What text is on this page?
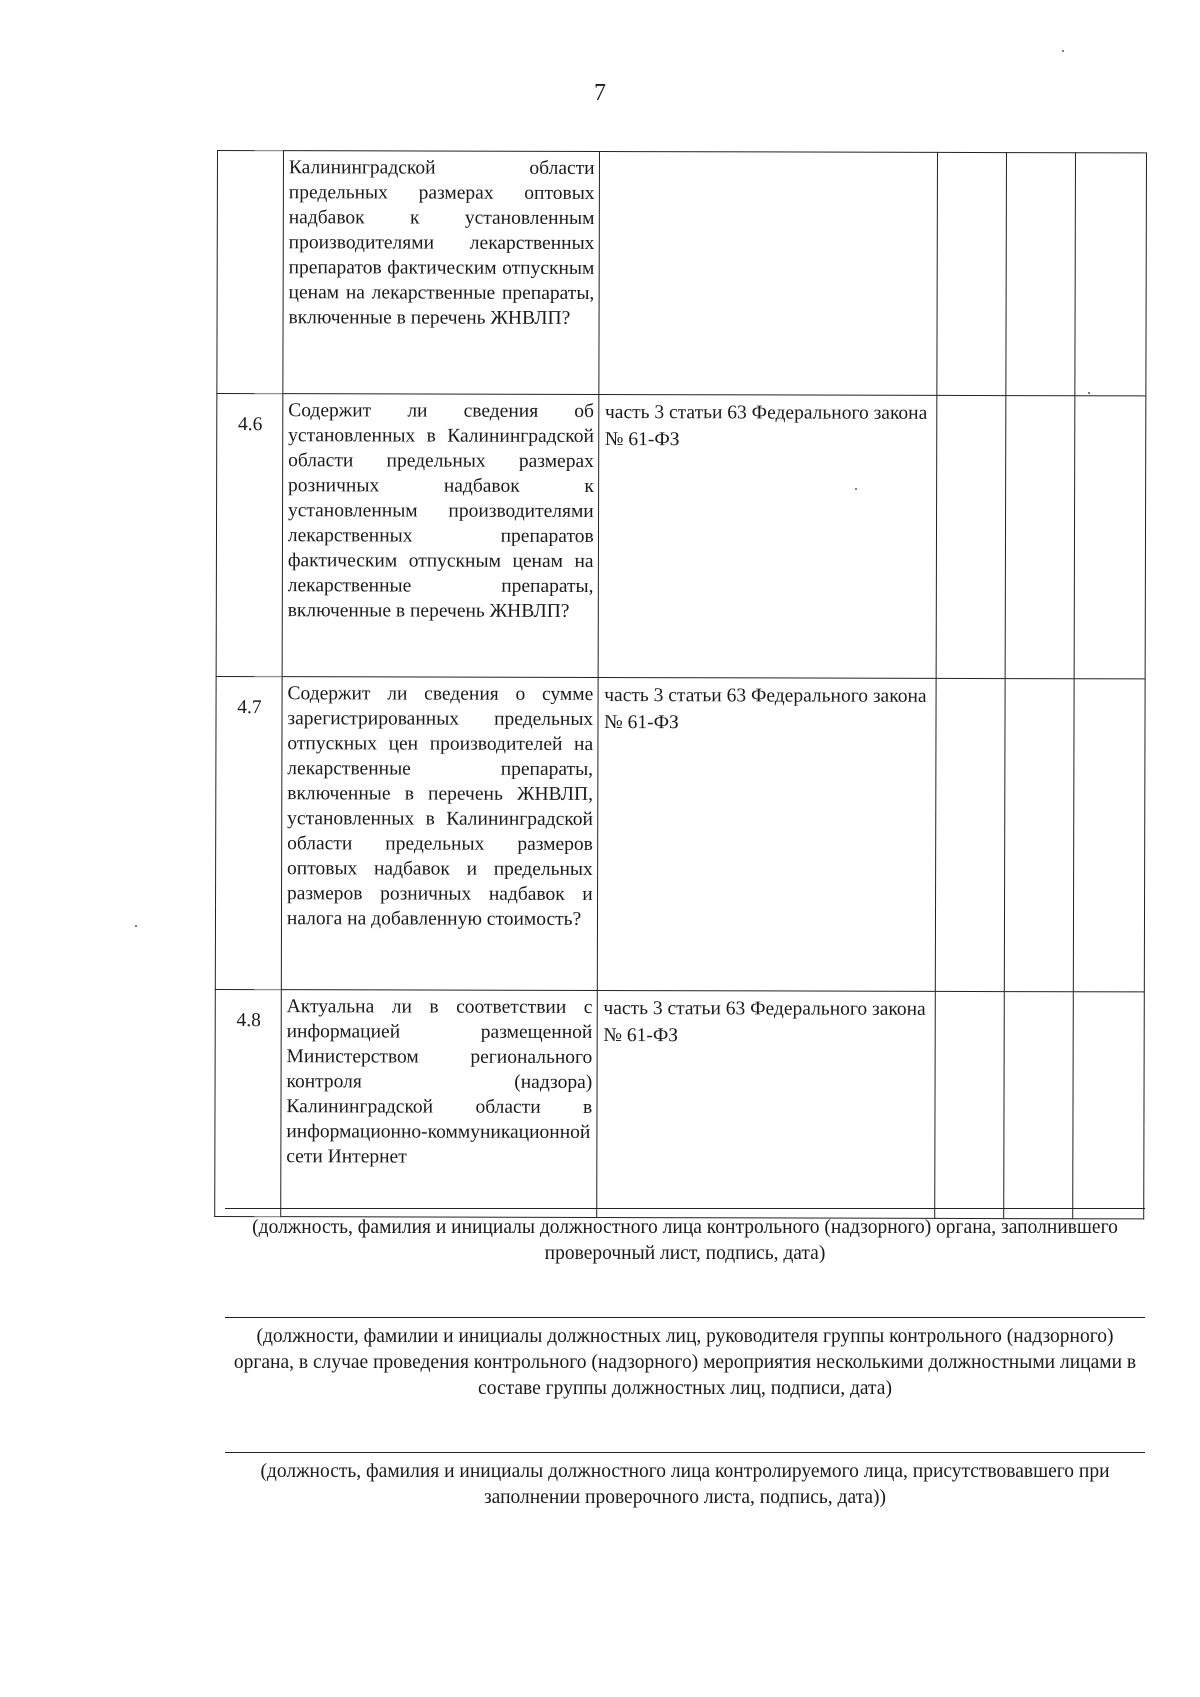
7
	Калининградской области предельных размерах оптовых надбавок к установленным производителями лекарственных препаратов фактическим отпускным ценам на лекарственные препараты, включенные в перечень ЖНВЛП?				
4.6	Содержит ли сведения об установленных в Калининградской области предельных размерах розничных надбавок к установленным производителями лекарственных препаратов фактическим отпускным ценам на лекарственные препараты, включенные в перечень ЖНВЛП?	часть 3 статьи 63 Федерального закона № 61-ФЗ			
4.7	Содержит ли сведения о сумме зарегистрированных предельных отпускных цен производителей на лекарственные препараты, включенные в перечень ЖНВЛП, установленных в Калининградской области предельных размеров оптовых надбавок и предельных размеров розничных надбавок и налога на добавленную стоимость?	часть 3 статьи 63 Федерального закона № 61-ФЗ			
4.8	Актуальна ли в соответствии с информацией размещенной Министерством регионального контроля (надзора) Калининградской области в информационно-коммуникационной сети Интернет	часть 3 статьи 63 Федерального закона № 61-ФЗ			
(должность, фамилия и инициалы должностного лица контрольного (надзорного) органа, заполнившего проверочный лист, подпись, дата)
(должности, фамилии и инициалы должностных лиц, руководителя группы контрольного (надзорного) органа, в случае проведения контрольного (надзорного) мероприятия несколькими должностными лицами в составе группы должностных лиц, подписи, дата)
(должность, фамилия и инициалы должностного лица контролируемого лица, присутствовавшего при заполнении проверочного листа, подпись, дата))
